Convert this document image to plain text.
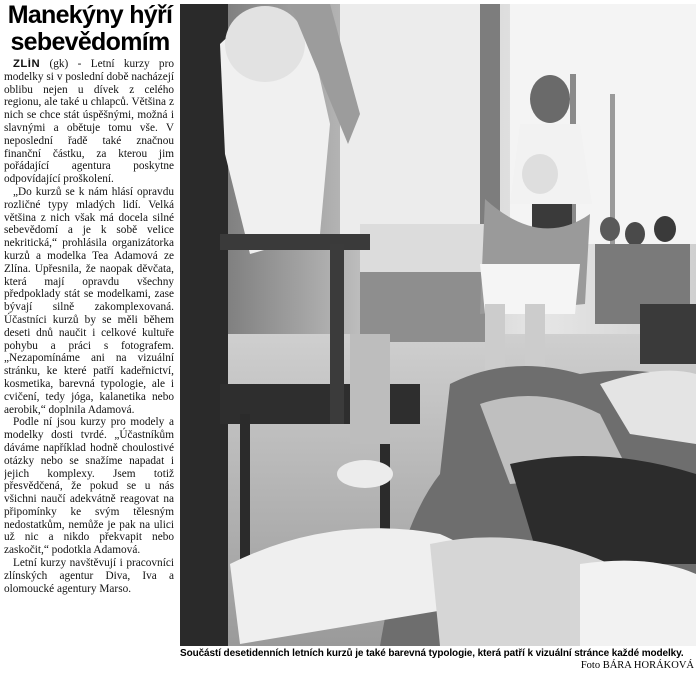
Manekýny hýří sebevědomím

ZLÍN (gk) - Letní kurzy pro modelky si v poslední době nacházejí oblibu nejen u dívek z celého regionu, ale také u chlapců. Většina z nich se chce stát úspěšnými, možná i slavnými a obětuje tomu vše. V neposlední řadě také značnou finanční částku, za kterou jim pořádající agentura poskytne odpovídající proškolení.

„Do kurzů se k nám hlásí opravdu rozličné typy mladých lidí. Velká většina z nich však má docela silné sebevědomí a je k sobě velice nekritická,“ prohlásila organizátorka kurzů a modelka Tea Adamová ze Zlína. Upřesnila, že naopak děvčata, která mají opravdu všechny předpoklady stát se modelkami, zase bývají silně zakomplexovaná. Účastníci kurzů by se měli během deseti dnů naučit i celkové kultuře pohybu a práci s fotografem. „Nezapomínáme ani na vizuální stránku, ke které patří kadeřnictví, kosmetika, barevná typologie, ale i cvičení, tedy jóga, kalanetika nebo aerobik,“ doplnila Adamová.

Podle ní jsou kurzy pro modely a modelky dosti tvrdé. „Účastníkům dáváme například hodně choulostivé otázky nebo se snažíme napadat i jejich komplexy. Jsem totiž přesvědčená, že pokud se u nás všichni naučí adekvátně reagovat na připomínky ke svým tělesným nedostatkům, nemůže je pak na ulici už nic a nikdo překvapit nebo zaskočit,“ podotkla Adamová.

Letní kurzy navštěvují i pracovníci zlínských agentur Diva, Iva a olomoucké agentury Marso.

Součástí desetidenních letních kurzů je také barevná typologie, která patří k vizuální stránce každé modelky.
Foto BÁRA HORÁKOVÁ
